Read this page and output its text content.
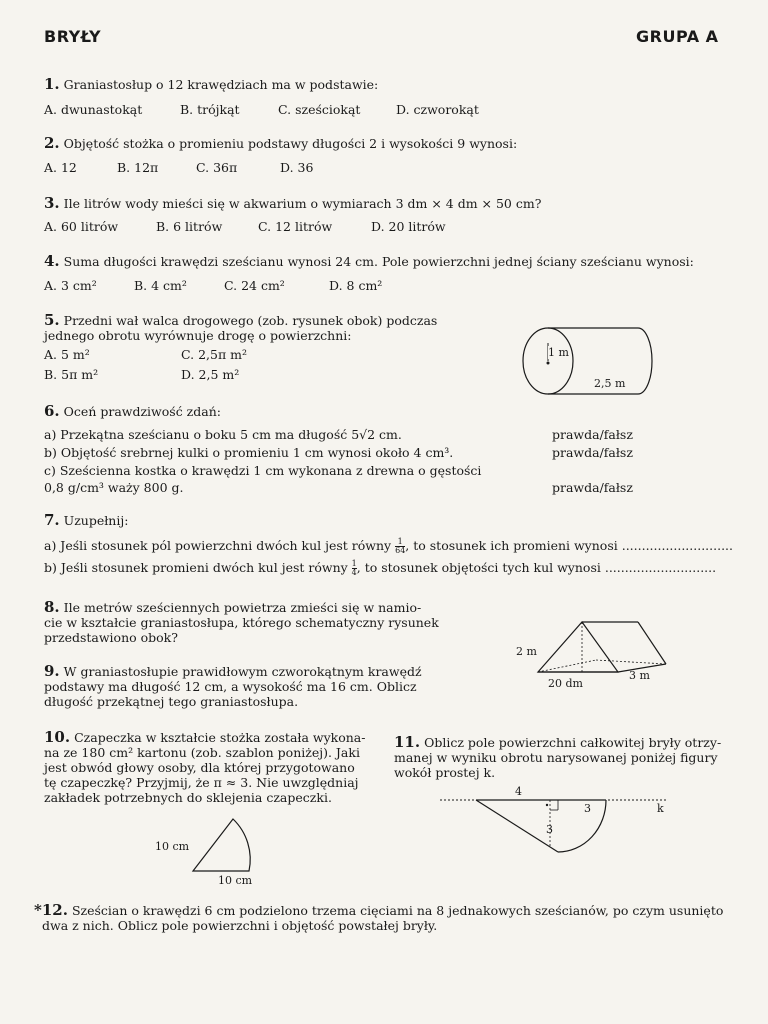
BRYŁY	GRUPA A
1. Graniastosłup o 12 krawędziach ma w podstawie:
A. dwunastokąt	B. trójkąt	C. sześciokąt	D. czworokąt
2. Objętość stożka o promieniu podstawy długości 2 i wysokości 9 wynosi:
A. 12	B. 12π	C. 36π	D. 36
3. Ile litrów wody mieści się w akwarium o wymiarach 3 dm × 4 dm × 50 cm?
A. 60 litrów	B. 6 litrów	C. 12 litrów	D. 20 litrów
4. Suma długości krawędzi sześcianu wynosi 24 cm. Pole powierzchni jednej ściany sześcianu wynosi:
A. 3 cm²	B. 4 cm²	C. 24 cm²	D. 8 cm²
5. Przedni wał walca drogowego (zob. rysunek obok) podczas
jednego obrotu wyrównuje drogę o powierzchni:
A. 5 m²	C. 2,5π m²
B. 5π m²	D. 2,5 m²
1 m
2,5 m
6. Oceń prawdziwość zdań:
a) Przekątna sześcianu o boku 5 cm ma długość 5√2 cm.	prawda/fałsz
b) Objętość srebrnej kulki o promieniu 1 cm wynosi około 4 cm³.	prawda/fałsz
c) Sześcienna kostka o krawędzi 1 cm wykonana z drewna o gęstości
0,8 g/cm³ waży 800 g.	prawda/fałsz
7. Uzupełnij:
a) Jeśli stosunek pól powierzchni dwóch kul jest równy $\frac{1}{64}$ , to stosunek ich promieni wynosi ............................
b) Jeśli stosunek promieni dwóch kul jest równy $\frac{1}{4}$ , to stosunek objętości tych kul wynosi ............................
8. Ile metrów sześciennych powietrza zmieści się w namio-
cie w kształcie graniastosłupa, którego schematyczny rysunek
przedstawiono obok?
2 m
20 dm
3 m
9. W graniastosłupie prawidłowym czworokątnym krawędź
podstawy ma długość 12 cm, a wysokość ma 16 cm. Oblicz
długość przekątnej tego graniastosłupa.
10. Czapeczka w kształcie stożka została wykona-
na ze 180 cm² kartonu (zob. szablon poniżej). Jaki
jest obwód głowy osoby, dla której przygotowano
tę czapeczkę? Przyjmij, że π ≈ 3. Nie uwzględniaj
zakładek potrzebnych do sklejenia czapeczki.
10 cm
10 cm
11. Oblicz pole powierzchni całkowitej bryły otrzy-
manej w wyniku obrotu narysowanej poniżej figury
wokół prostej k.
4
3
3
k
*12. Sześcian o krawędzi 6 cm podzielono trzema cięciami na 8 jednakowych sześcianów, po czym usunięto
dwa z nich. Oblicz pole powierzchni i objętość powstałej bryły.
